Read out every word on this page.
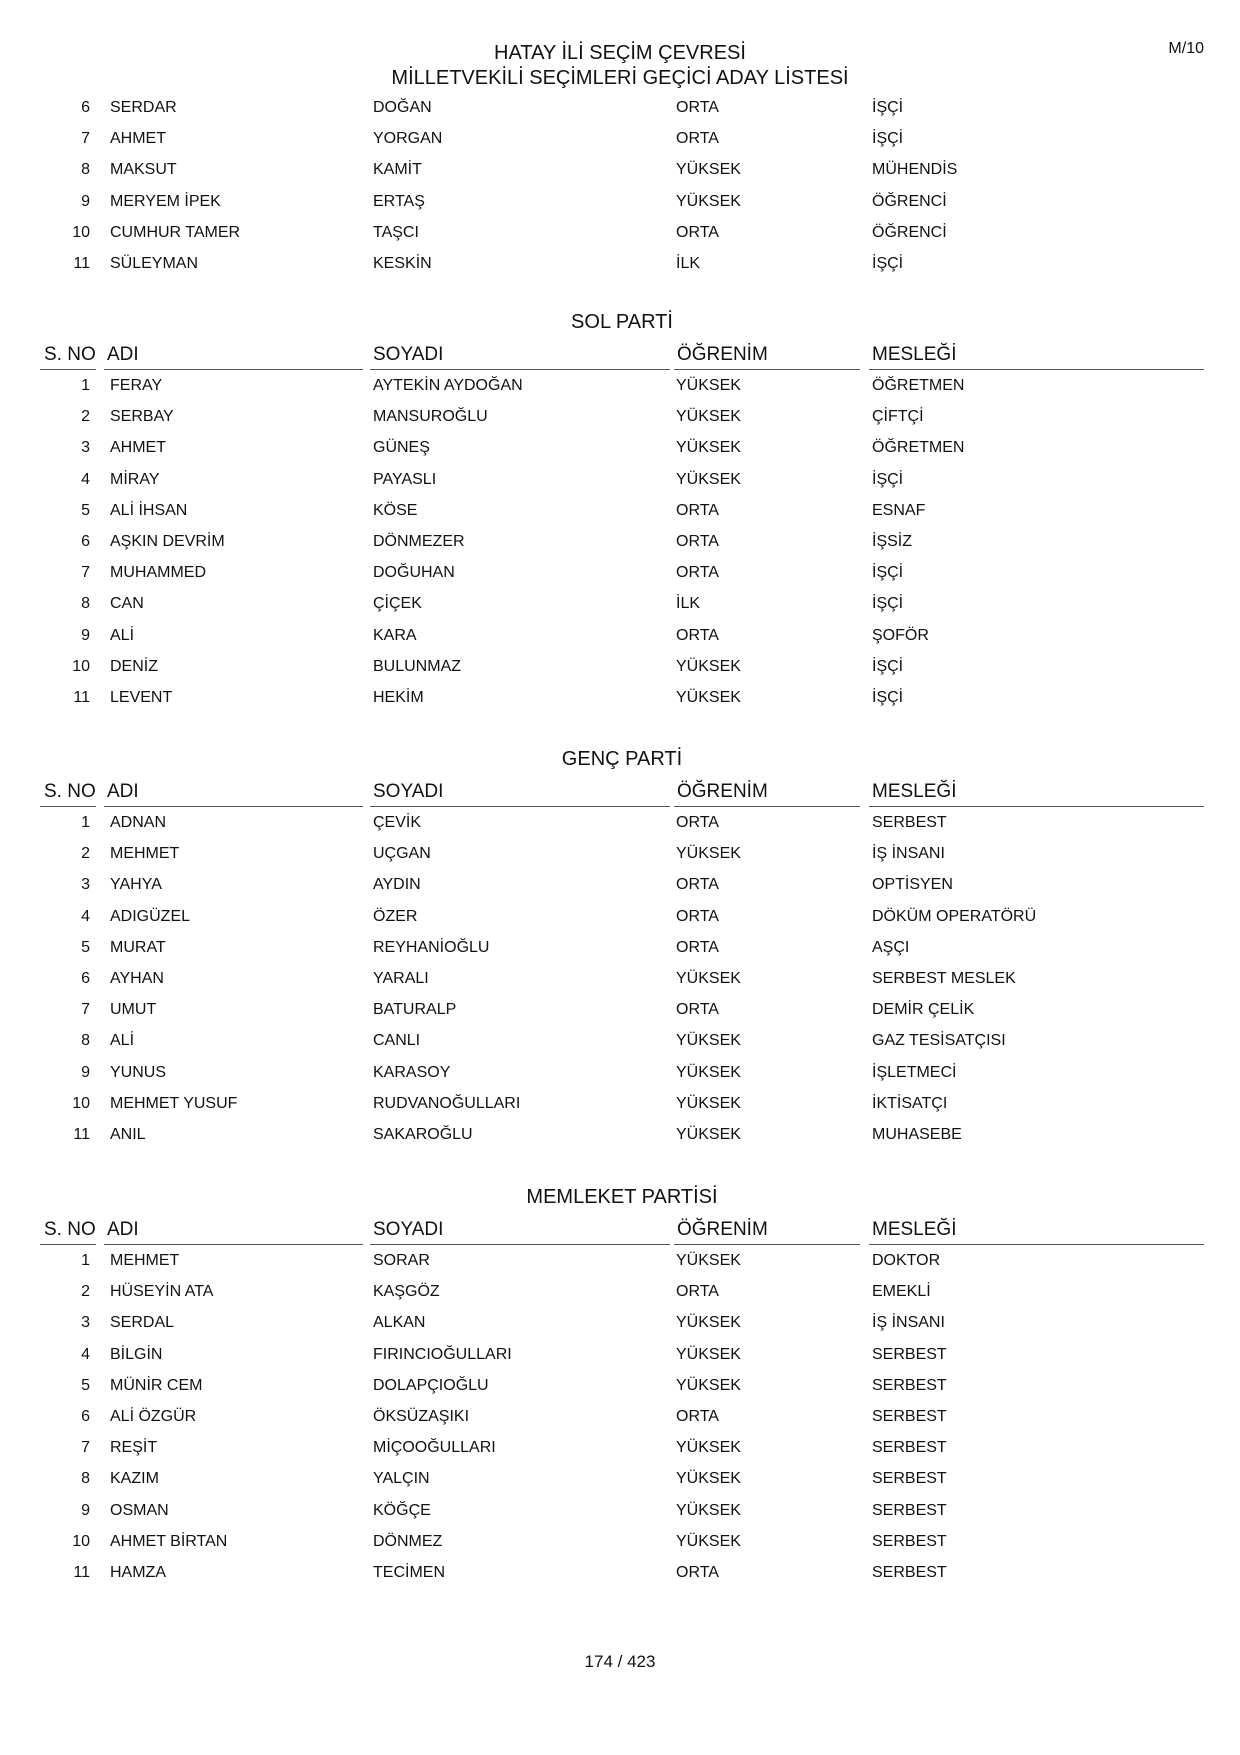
HATAY İLİ SEÇİM ÇEVRESİ
MİLLETVEKİLİ SEÇİMLERİ GEÇİCİ ADAY LİSTESİ
M/10
6 SERDAR	DOĞAN	ORTA	İŞÇİ
7 AHMET	YORGAN	ORTA	İŞÇİ
8 MAKSUT	KAMİT	YÜKSEK	MÜHENDİS
9 MERYEM İPEK	ERTAŞ	YÜKSEK	ÖĞRENCİ
10 CUMHUR TAMER	TAŞCI	ORTA	ÖĞRENCİ
11 SÜLEYMAN	KESKİN	İLK	İŞÇİ
SOL PARTİ
S. NO ADI	SOYADI	ÖĞRENİM	MESLEĞİ
1 FERAY	AYTEKİN AYDOĞAN	YÜKSEK	ÖĞRETMEN
2 SERBAY	MANSUROĞLU	YÜKSEK	ÇİFTÇİ
3 AHMET	GÜNEŞ	YÜKSEK	ÖĞRETMEN
4 MİRAY	PAYASLI	YÜKSEK	İŞÇİ
5 ALİ İHSAN	KÖSE	ORTA	ESNAF
6 AŞKIN DEVRİM	DÖNMEZER	ORTA	İŞSİZ
7 MUHAMMED	DOĞUHAN	ORTA	İŞÇİ
8 CAN	ÇİÇEK	İLK	İŞÇİ
9 ALİ	KARA	ORTA	ŞOFÖR
10 DENİZ	BULUNMAZ	YÜKSEK	İŞÇİ
11 LEVENT	HEKİM	YÜKSEK	İŞÇİ
GENÇ PARTİ
S. NO ADI	SOYADI	ÖĞRENİM	MESLEĞİ
1 ADNAN	ÇEVİK	ORTA	SERBEST
2 MEHMET	UÇGAN	YÜKSEK	İŞ İNSANI
3 YAHYA	AYDIN	ORTA	OPTİSYEN
4 ADIGÜZEL	ÖZER	ORTA	DÖKÜM OPERATÖRÜ
5 MURAT	REYHANİOĞLU	ORTA	AŞÇI
6 AYHAN	YARALI	YÜKSEK	SERBEST MESLEK
7 UMUT	BATURALP	ORTA	DEMİR ÇELİK
8 ALİ	CANLI	YÜKSEK	GAZ TESİSATÇISI
9 YUNUS	KARASOY	YÜKSEK	İŞLETMECİ
10 MEHMET YUSUF	RUDVANOĞULLARI	YÜKSEK	İKTİSATÇI
11 ANIL	SAKAROĞLU	YÜKSEK	MUHASEBE
MEMLEKET PARTİSİ
S. NO ADI	SOYADI	ÖĞRENİM	MESLEĞİ
1 MEHMET	SORAR	YÜKSEK	DOKTOR
2 HÜSEYİN ATA	KAŞGÖZ	ORTA	EMEKLİ
3 SERDAL	ALKAN	YÜKSEK	İŞ İNSANI
4 BİLGİN	FIRINCIOĞULLARI	YÜKSEK	SERBEST
5 MÜNİR CEM	DOLAPÇIOĞLU	YÜKSEK	SERBEST
6 ALİ ÖZGÜR	ÖKSÜZAŞIKI	ORTA	SERBEST
7 REŞİT	MİÇOOĞULLARI	YÜKSEK	SERBEST
8 KAZIM	YALÇIN	YÜKSEK	SERBEST
9 OSMAN	KÖĞÇE	YÜKSEK	SERBEST
10 AHMET BİRTAN	DÖNMEZ	YÜKSEK	SERBEST
11 HAMZA	TECİMEN	ORTA	SERBEST
174 / 423
